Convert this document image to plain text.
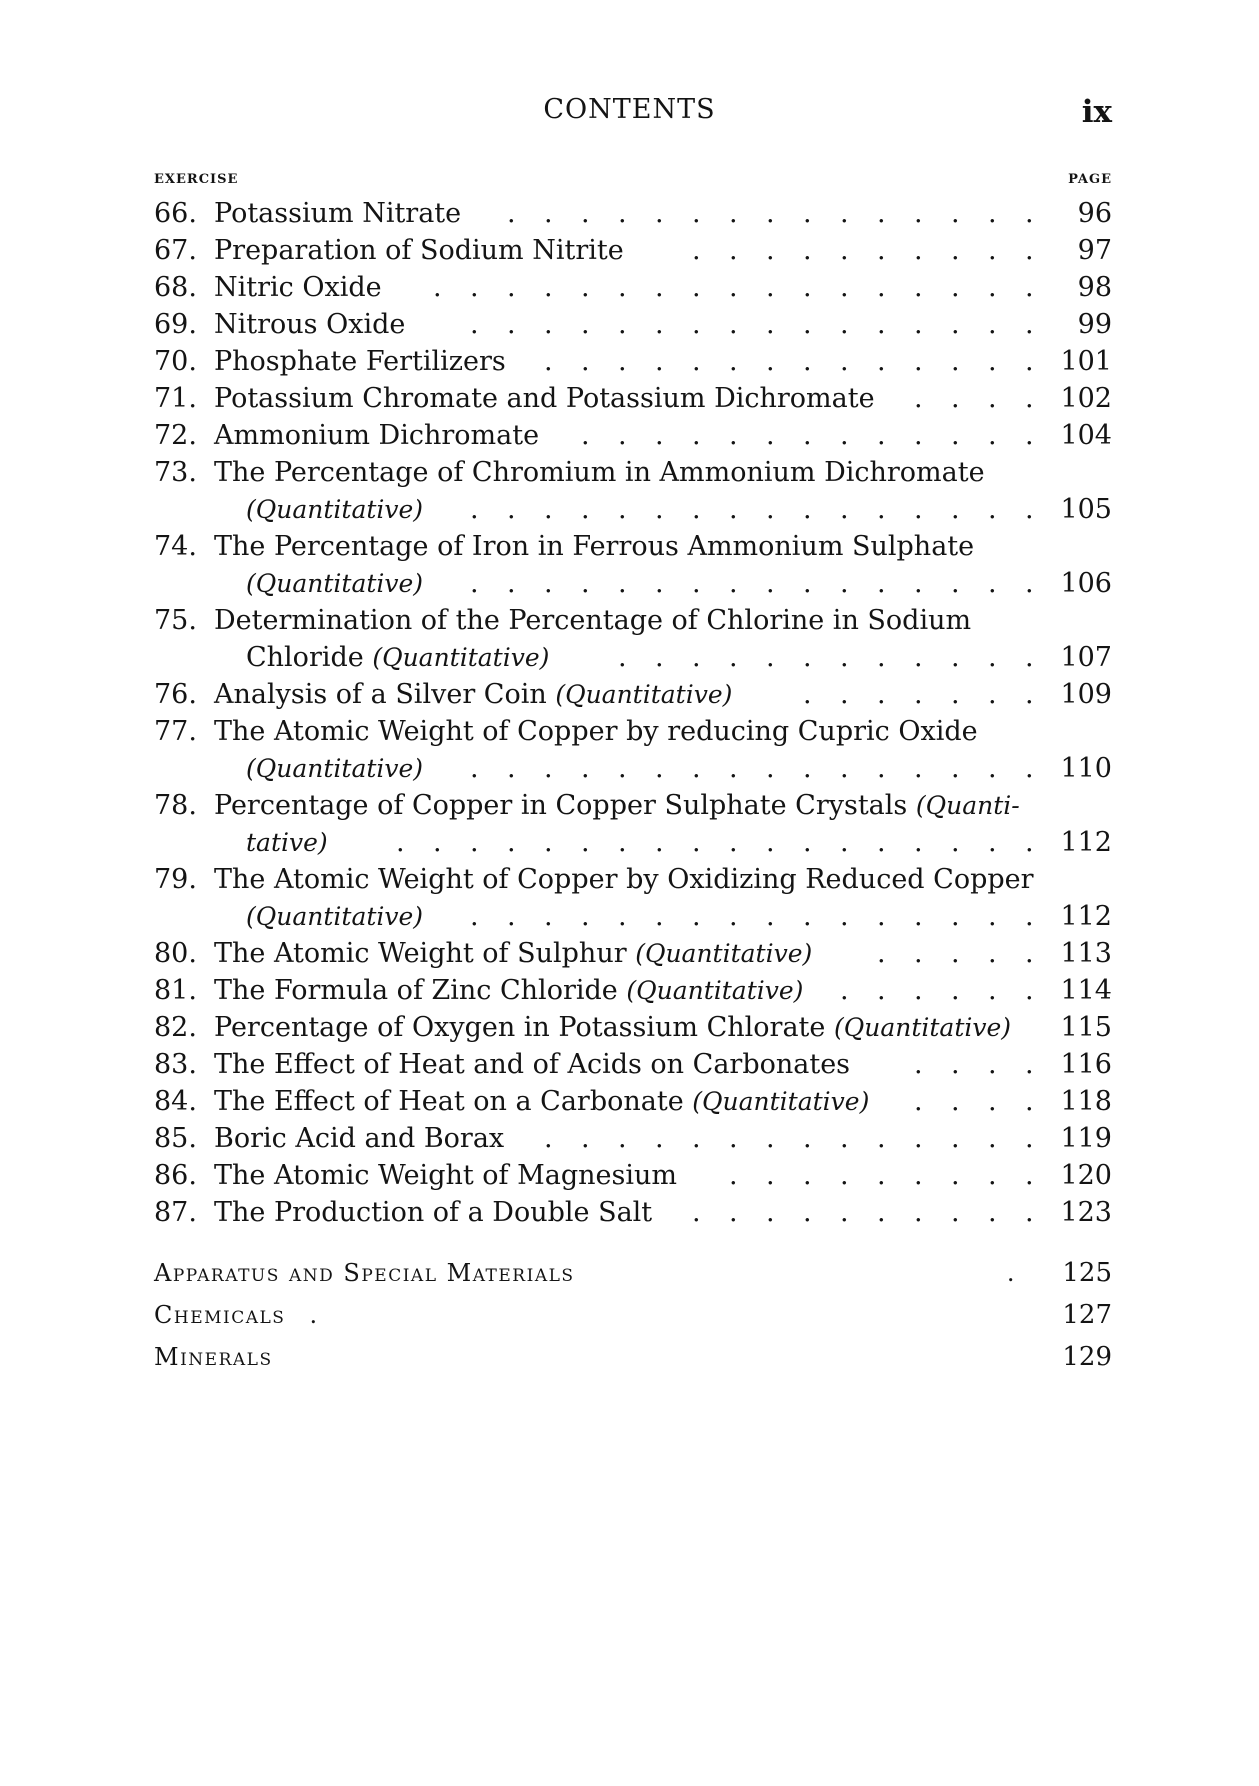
CONTENTS	ix
EXERCISE	PAGE
66. Potassium Nitrate	96
. . . . . . . . . . . . . . .
67. Preparation of Sodium Nitrite	97
. . . . . . . . . .
68. Nitric Oxide	98
. . . . . . . . . . . . . . . . .
69. Nitrous Oxide	99
. . . . . . . . . . . . . . . .
70. Phosphate Fertilizers	101
. . . . . . . . . . . . . .
71. Potassium Chromate and Potassium Dichromate	102
. . . .
72. Ammonium Dichromate	104
. . . . . . . . . . . . .
73. The Percentage of Chromium in Ammonium Dichromate
(Quantitative)	105
. . . . . . . . . . . . . . . .
74. The Percentage of Iron in Ferrous Ammonium Sulphate
(Quantitative)	106
. . . . . . . . . . . . . . . .
75. Determination of the Percentage of Chlorine in Sodium
Chloride (Quantitative)	107
. . . . . . . . . . . .
76. Analysis of a Silver Coin (Quantitative)	109
. . . . . . .
77. The Atomic Weight of Copper by reducing Cupric Oxide
(Quantitative)	110
. . . . . . . . . . . . . . . .
78. Percentage of Copper in Copper Sulphate Crystals (Quanti-
tative)	112
. . . . . . . . . . . . . . . . . .
79. The Atomic Weight of Copper by Oxidizing Reduced Copper
(Quantitative)	112
. . . . . . . . . . . . . . . .
80. The Atomic Weight of Sulphur (Quantitative)	113
. . . . .
81. The Formula of Zinc Chloride (Quantitative)	114
. . . . . .
82. Percentage of Oxygen in Potassium Chlorate (Quantitative)	115
83. The Effect of Heat and of Acids on Carbonates	116
. . . .
84. The Effect of Heat on a Carbonate (Quantitative)	118
. . . .
85. Boric Acid and Borax	119
. . . . . . . . . . . . . .
86. The Atomic Weight of Magnesium	120
. . . . . . . . .
87. The Production of a Double Salt	123
. . . . . . . . . .
Apparatus and Special Materials	125
.
Chemicals	127
.
Minerals	129
